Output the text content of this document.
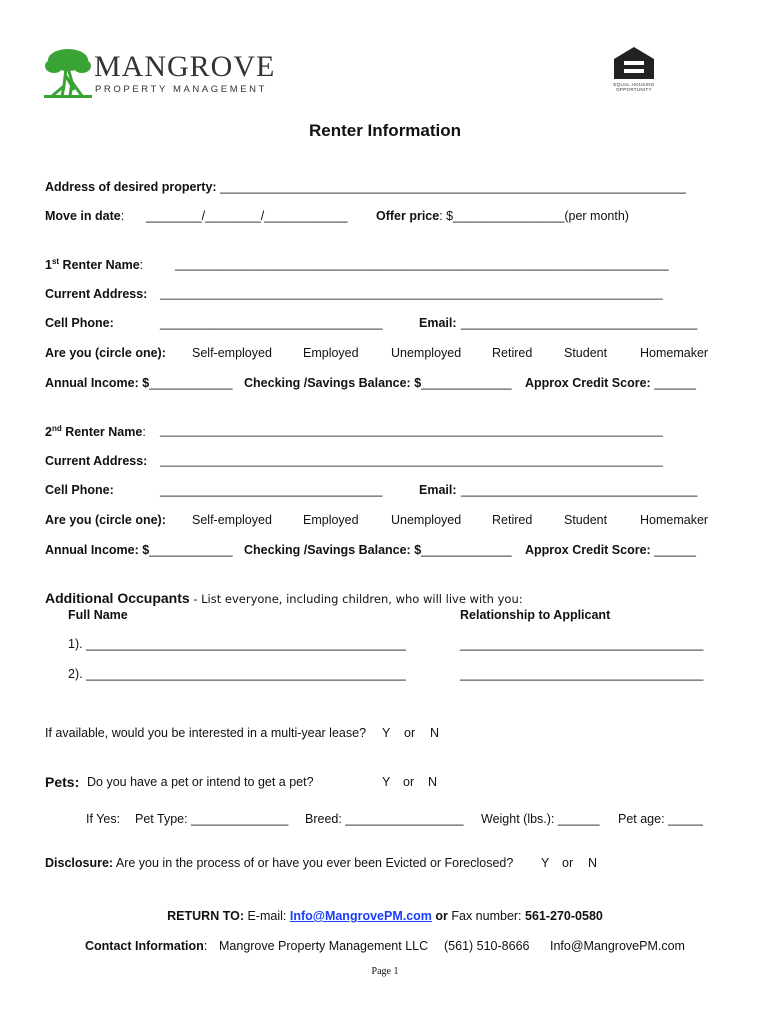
MANGROVE
PROPERTY MANAGEMENT	EQUAL HOUSING
OPPORTUNITY
Renter Information
Address of desired property: ___________________________________________________________________
Move in date: ________/________/____________ Offer price: $________________(per month)
1st Renter Name:	_______________________________________________________________________
Current Address: ______________________________________________________________________________
Cell Phone:	________________________________	Email: __________________________________
Are you (circle one): Self-employed Employed	Unemployed Retired	Student	Homemaker
Annual Income: $____________ Checking /Savings Balance: $_____________ Approx Credit Score: ______
2nd Renter Name: ______________________________________________________________________________
Current Address: ______________________________________________________________________________
Cell Phone:	________________________________	Email: __________________________________
Are you (circle one): Self-employed Employed	Unemployed Retired	Student	Homemaker
Annual Income: $____________ Checking /Savings Balance: $_____________ Approx Credit Score: ______
Additional Occupants - List everyone, including children, who will live with you:
Full Name	Relationship to Applicant
1). ______________________________________________	___________________________________
2). ______________________________________________	___________________________________
If available, would you be interested in a multi-year lease? Y or N
Pets: Do you have a pet or intend to get a pet?	Y or N
If Yes: Pet Type: ______________ Breed: _________________ Weight (lbs.): ______ Pet age: _____
Disclosure: Are you in the process of or have you ever been Evicted or Foreclosed? Y or N
RETURN TO: E-mail: Info@MangrovePM.com or Fax number: 561-270-0580
Contact Information: Mangrove Property Management LLC (561) 510-8666 Info@MangrovePM.com
Page 1
